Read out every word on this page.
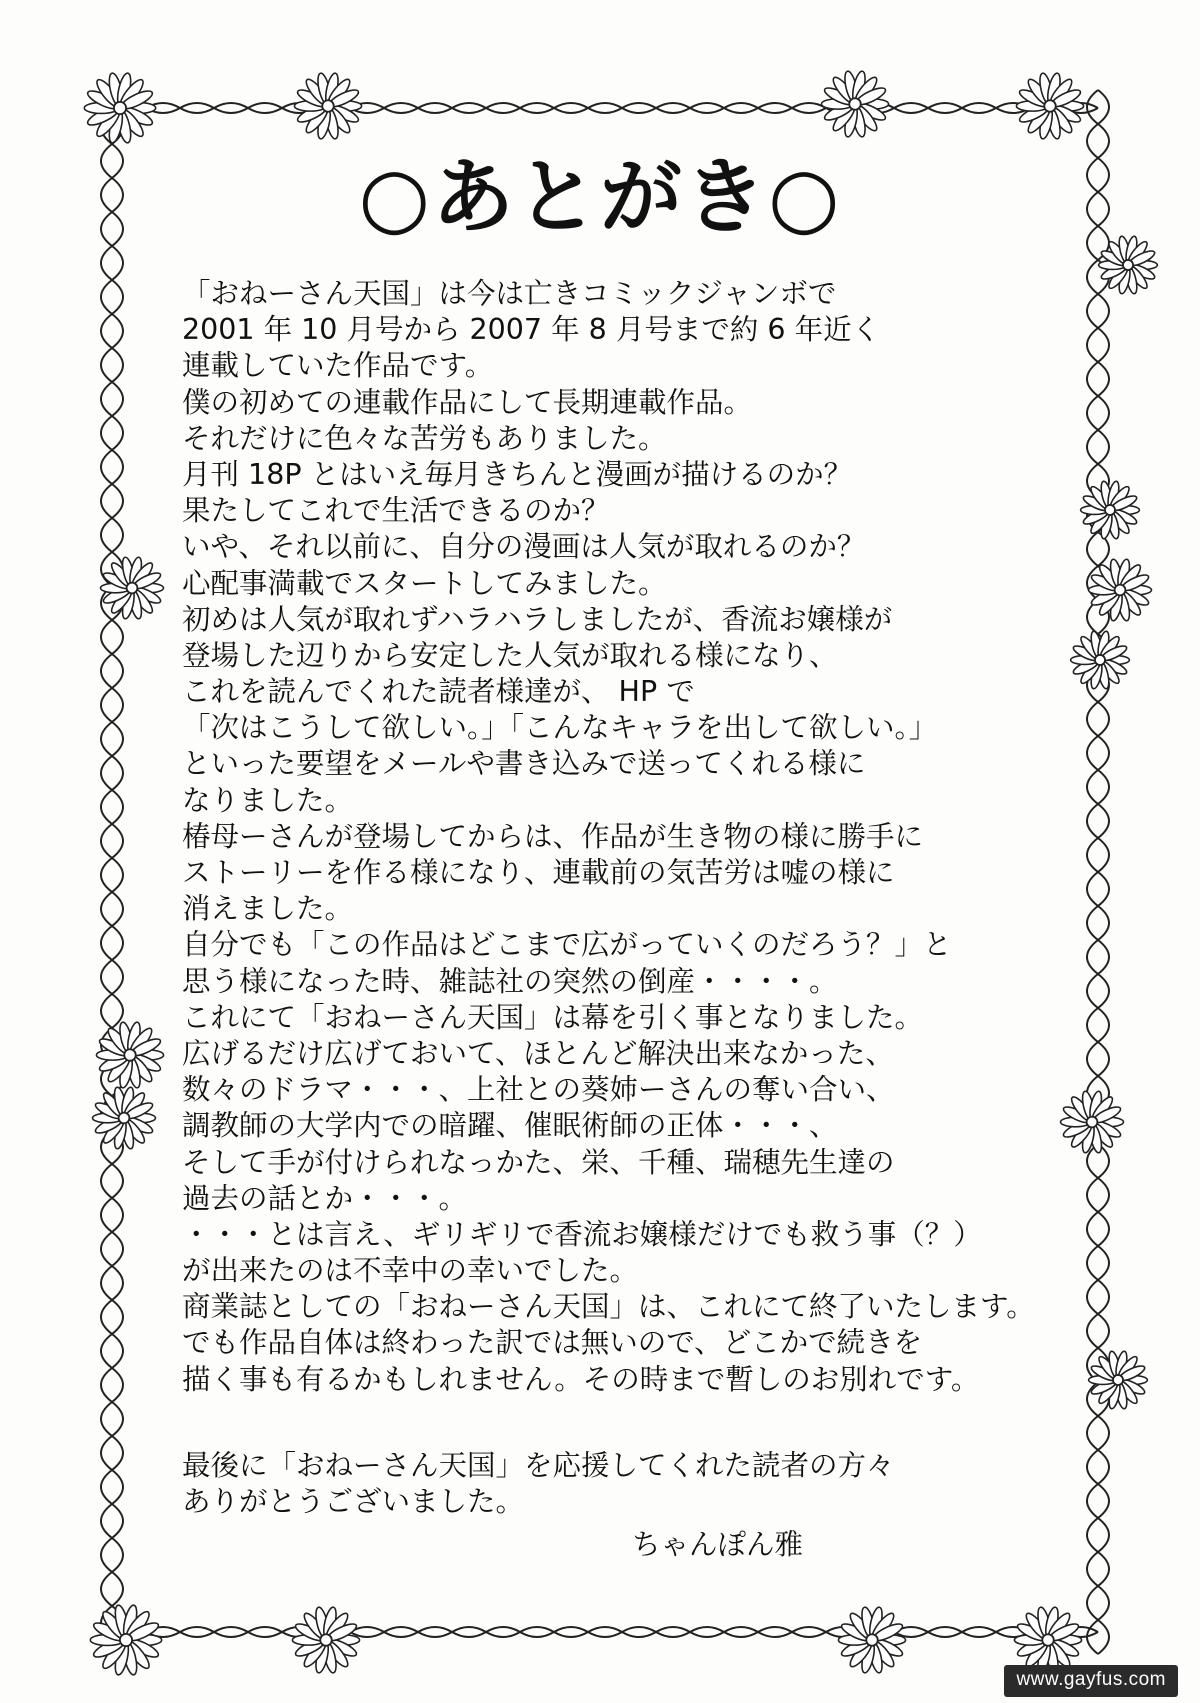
○あとがき○
「おねーさん天国」は今は亡きコミックジャンボで
2001 年 10 月号から 2007 年 8 月号まで約 6 年近く
連載していた作品です。
僕の初めての連載作品にして長期連載作品。
それだけに色々な苦労もありました。
月刊 18P とはいえ毎月きちんと漫画が描けるのか？
果たしてこれで生活できるのか？
いや、それ以前に、自分の漫画は人気が取れるのか？
心配事満載でスタートしてみました。
初めは人気が取れずハラハラしましたが、香流お嬢様が
登場した辺りから安定した人気が取れる様になり、
これを読んでくれた読者様達が、 HP で
「次はこうして欲しい。」「こんなキャラを出して欲しい。」
といった要望をメールや書き込みで送ってくれる様に
なりました。
椿母ーさんが登場してからは、作品が生き物の様に勝手に
ストーリーを作る様になり、連載前の気苦労は嘘の様に
消えました。
自分でも「この作品はどこまで広がっていくのだろう？」と
思う様になった時、雑誌社の突然の倒産・・・・。
これにて「おねーさん天国」は幕を引く事となりました。
広げるだけ広げておいて、ほとんど解決出来なかった、
数々のドラマ・・・、上社との葵姉ーさんの奪い合い、
調教師の大学内での暗躍、催眠術師の正体・・・、
そして手が付けられなっかた、栄、千種、瑞穂先生達の
過去の話とか・・・。
・・・とは言え、ギリギリで香流お嬢様だけでも救う事（？）
が出来たのは不幸中の幸いでした。
商業誌としての「おねーさん天国」は、これにて終了いたします。
でも作品自体は終わった訳では無いので、どこかで続きを
描く事も有るかもしれません。その時まで暫しのお別れです。
最後に「おねーさん天国」を応援してくれた読者の方々
ありがとうございました。
ちゃんぽん雅
www.gayfus.com
